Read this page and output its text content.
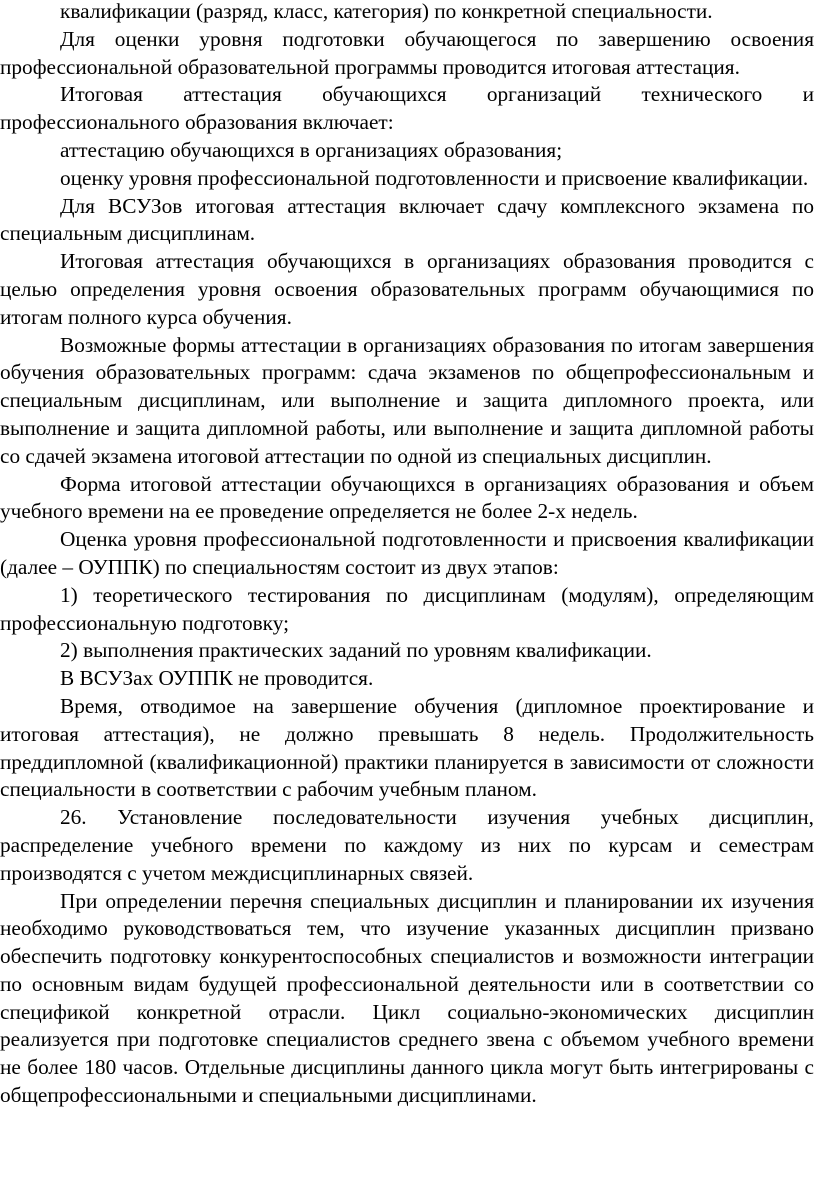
квалификации (разряд, класс, категория) по конкретной специальности.

Для оценки уровня подготовки обучающегося по завершению освоения профессиональной образовательной программы проводится итоговая аттестация.

Итоговая аттестация обучающихся организаций технического и профессионального образования включает:

аттестацию обучающихся в организациях образования;

оценку уровня профессиональной подготовленности и присвоение квалификации.

Для ВСУЗов итоговая аттестация включает сдачу комплексного экзамена по специальным дисциплинам.

Итоговая аттестация обучающихся в организациях образования проводится с целью определения уровня освоения образовательных программ обучающимися по итогам полного курса обучения.

Возможные формы аттестации в организациях образования по итогам завершения обучения образовательных программ: сдача экзаменов по общепрофессиональным и специальным дисциплинам, или выполнение и защита дипломного проекта, или выполнение и защита дипломной работы, или выполнение и защита дипломной работы со сдачей экзамена итоговой аттестации по одной из специальных дисциплин.

Форма итоговой аттестации обучающихся в организациях образования и объем учебного времени на ее проведение определяется не более 2-х недель.

Оценка уровня профессиональной подготовленности и присвоения квалификации (далее – ОУППК) по специальностям состоит из двух этапов:

1) теоретического тестирования по дисциплинам (модулям), определяющим профессиональную подготовку;

2) выполнения практических заданий по уровням квалификации.

В ВСУЗах ОУППК не проводится.

Время, отводимое на завершение обучения (дипломное проектирование и итоговая аттестация), не должно превышать 8 недель. Продолжительность преддипломной (квалификационной) практики планируется в зависимости от сложности специальности в соответствии с рабочим учебным планом.

26. Установление последовательности изучения учебных дисциплин, распределение учебного времени по каждому из них по курсам и семестрам производятся с учетом междисциплинарных связей.

При определении перечня специальных дисциплин и планировании их изучения необходимо руководствоваться тем, что изучение указанных дисциплин призвано обеспечить подготовку конкурентоспособных специалистов и возможности интеграции по основным видам будущей профессиональной деятельности или в соответствии со спецификой конкретной отрасли. Цикл социально-экономических дисциплин реализуется при подготовке специалистов среднего звена с объемом учебного времени не более 180 часов. Отдельные дисциплины данного цикла могут быть интегрированы с общепрофессиональными и специальными дисциплинами.
